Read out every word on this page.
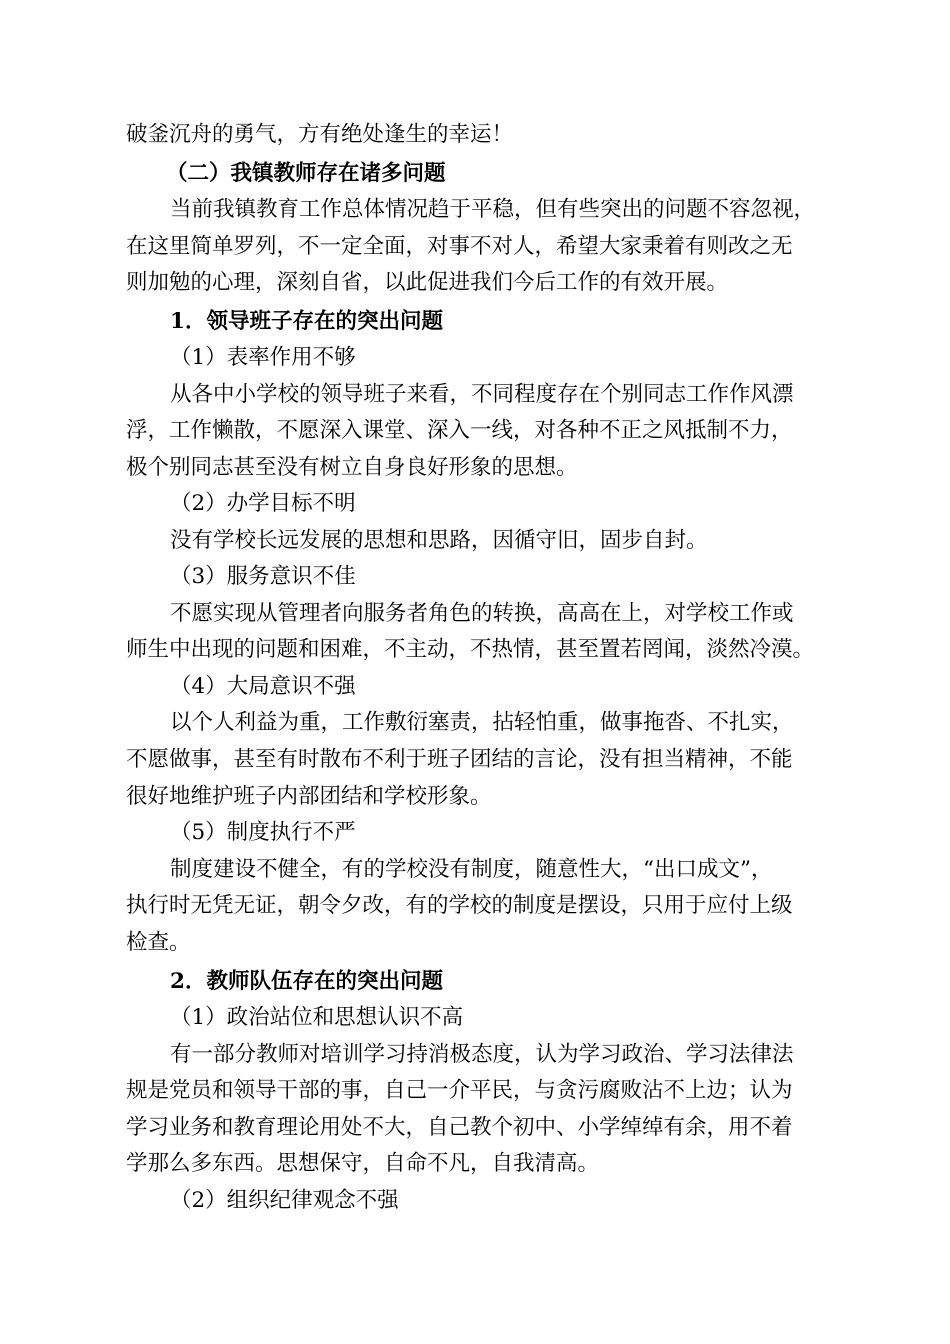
破釜沉舟的勇气，方有绝处逢生的幸运！
（二）我镇教师存在诸多问题
当前我镇教育工作总体情况趋于平稳，但有些突出的问题不容忽视，
在这里简单罗列，不一定全面，对事不对人，希望大家秉着有则改之无
则加勉的心理，深刻自省，以此促进我们今后工作的有效开展。
1．领导班子存在的突出问题
（1）表率作用不够
从各中小学校的领导班子来看，不同程度存在个别同志工作作风漂
浮，工作懒散，不愿深入课堂、深入一线，对各种不正之风抵制不力，
极个别同志甚至没有树立自身良好形象的思想。
（2）办学目标不明
没有学校长远发展的思想和思路，因循守旧，固步自封。
（3）服务意识不佳
不愿实现从管理者向服务者角色的转换，高高在上，对学校工作或
师生中出现的问题和困难，不主动，不热情，甚至置若罔闻，淡然冷漠。
（4）大局意识不强
以个人利益为重，工作敷衍塞责，拈轻怕重，做事拖沓、不扎实，
不愿做事，甚至有时散布不利于班子团结的言论，没有担当精神，不能
很好地维护班子内部团结和学校形象。
（5）制度执行不严
制度建设不健全，有的学校没有制度，随意性大，“出口成文”，
执行时无凭无证，朝令夕改，有的学校的制度是摆设，只用于应付上级
检查。
2．教师队伍存在的突出问题
（1）政治站位和思想认识不高
有一部分教师对培训学习持消极态度，认为学习政治、学习法律法
规是党员和领导干部的事，自己一介平民，与贪污腐败沾不上边；认为
学习业务和教育理论用处不大，自己教个初中、小学绰绰有余，用不着
学那么多东西。思想保守，自命不凡，自我清高。
（2）组织纪律观念不强
